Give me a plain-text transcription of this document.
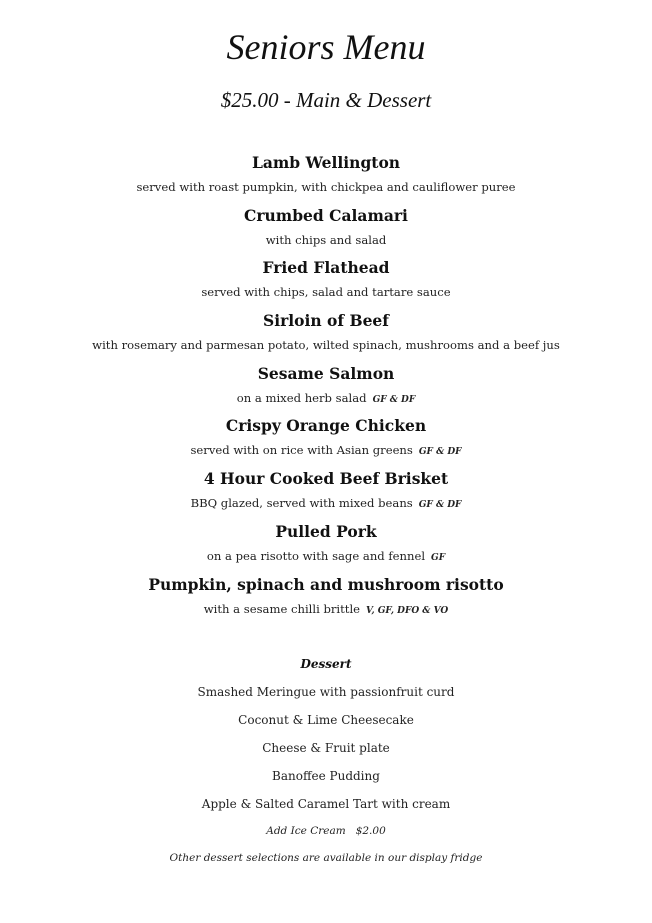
Seniors Menu
$25.00 - Main & Dessert
Lamb Wellington
served with roast pumpkin, with chickpea and cauliflower puree
Crumbed Calamari
with chips and salad
Fried Flathead
served with chips, salad and tartare sauce
Sirloin of Beef
with rosemary and parmesan potato, wilted spinach, mushrooms and a beef jus
Sesame Salmon
on a mixed herb salad GF & DF
Crispy Orange Chicken
served with on rice with Asian greens GF & DF
4 Hour Cooked Beef Brisket
BBQ glazed, served with mixed beans GF & DF
Pulled Pork
on a pea risotto with sage and fennel GF
Pumpkin, spinach and mushroom risotto
with a sesame chilli brittle V, GF, DFO & VO
Dessert
Smashed Meringue with passionfruit curd
Coconut & Lime Cheesecake
Cheese & Fruit plate
Banoffee Pudding
Apple & Salted Caramel Tart with cream
Add Ice Cream   $2.00
Other dessert selections are available in our display fridge
